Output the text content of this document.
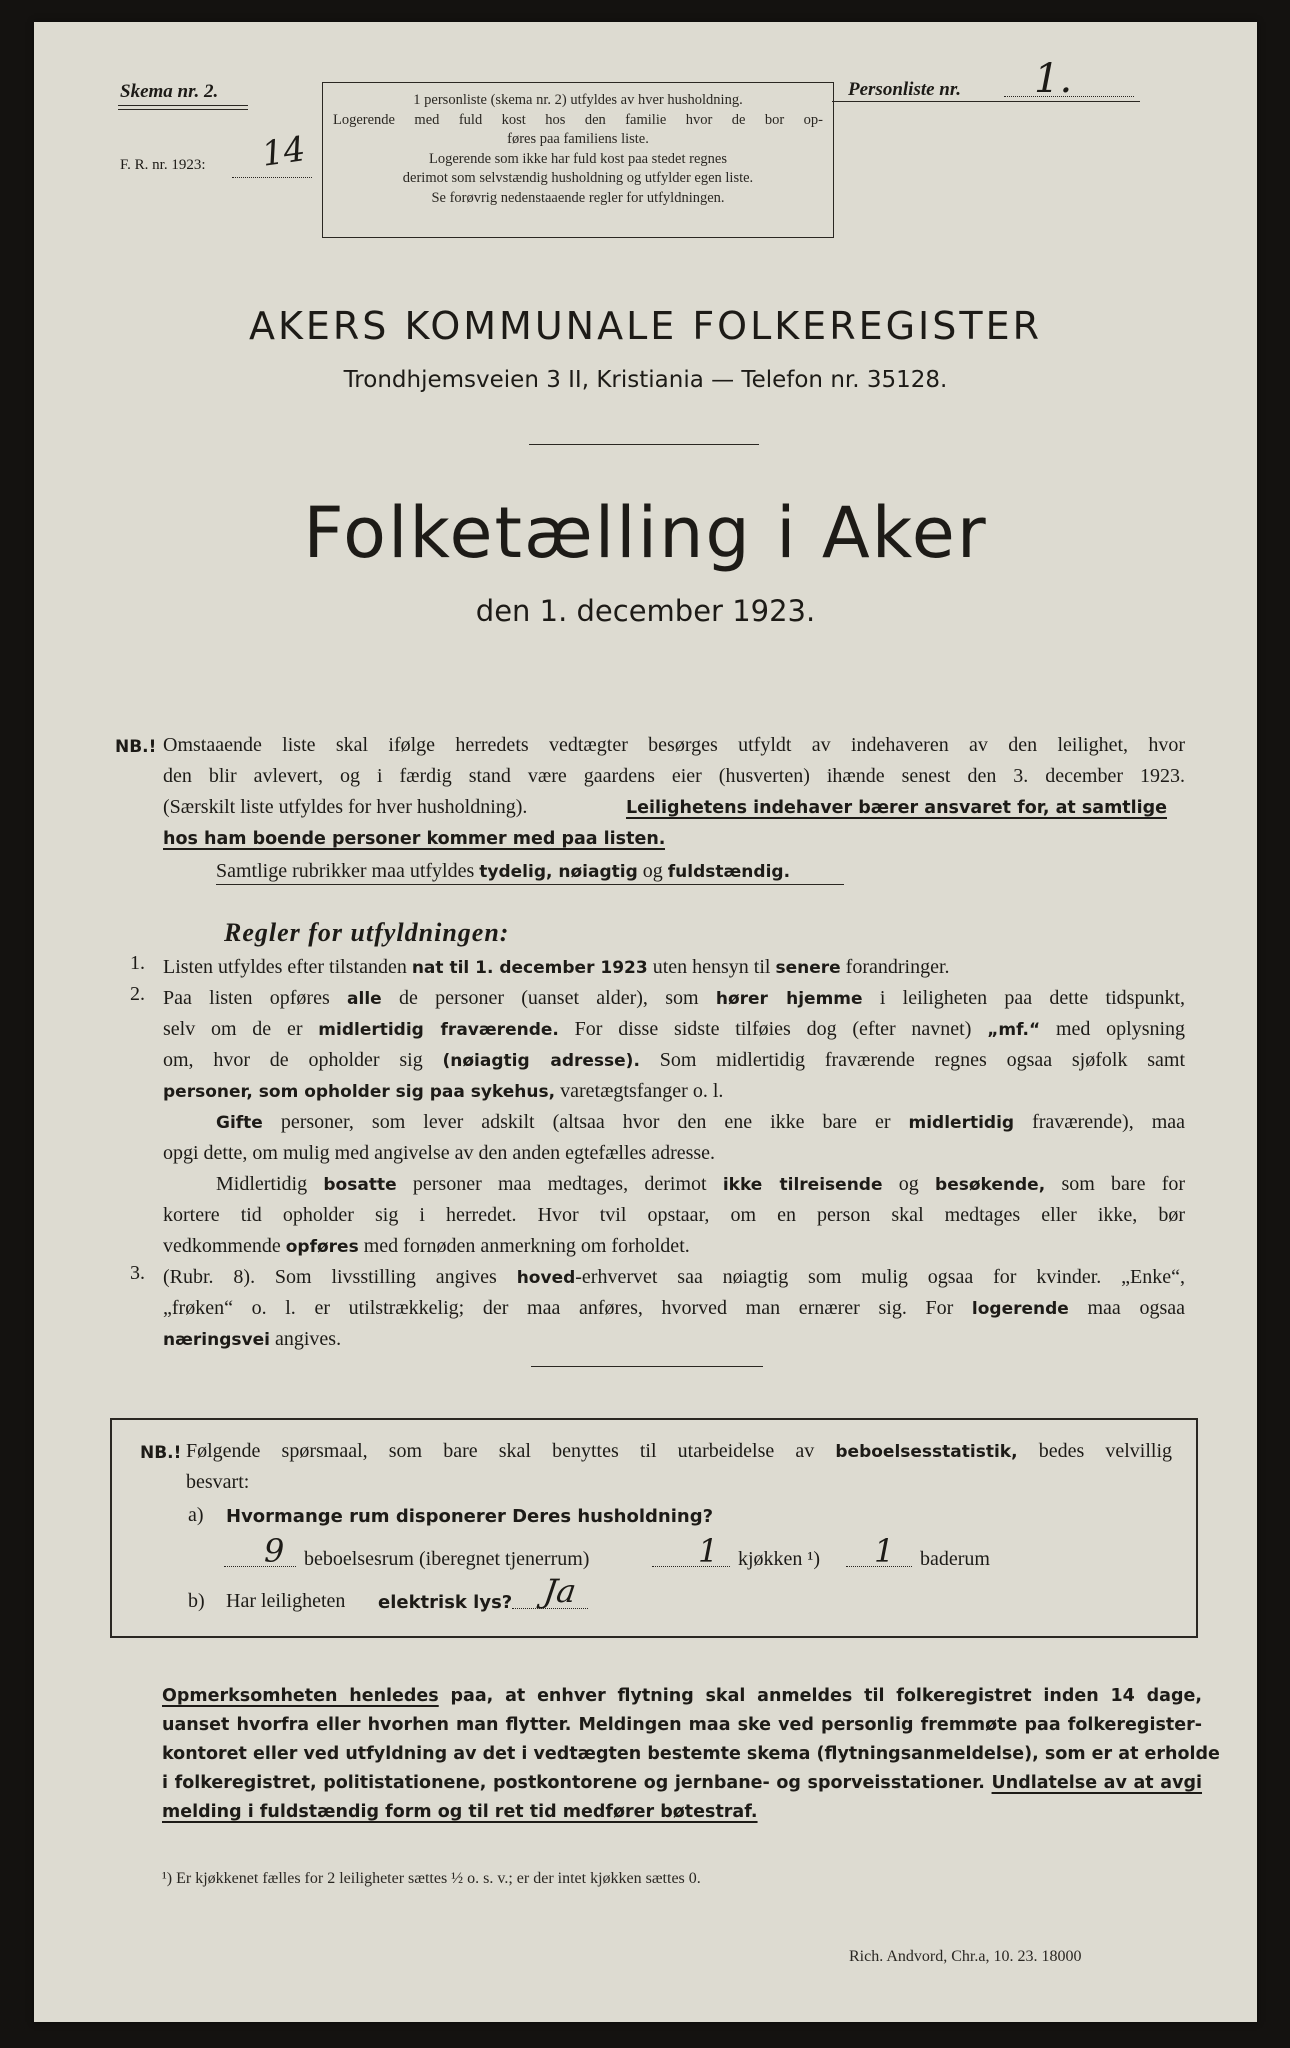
Skema nr. 2.
F. R. nr. 1923: 14
1 personliste (skema nr. 2) utfyldes av hver husholdning.
Logerende med fuld kost hos den familie hvor de bor op-
føres paa familiens liste.
Logerende som ikke har fuld kost paa stedet regnes
derimot som selvstændig husholdning og utfylder egen liste.
Se forøvrig nedenstaaende regler for utfyldningen.
Personliste nr. 1.
AKERS KOMMUNALE FOLKEREGISTER
Trondhjemsveien 3 II, Kristiania — Telefon nr. 35128.
Folketælling i Aker
den 1. december 1923.
NB.! Omstaaende liste skal ifølge herredets vedtægter besørges utfyldt av indehaveren av den leilighet, hvor
den blir avlevert, og i færdig stand være gaardens eier (husverten) ihænde senest den 3. december 1923.
(Særskilt liste utfyldes for hver husholdning).	Leilighetens indehaver bærer ansvaret for, at samtlige
hos ham boende personer kommer med paa listen.
Samtlige rubrikker maa utfyldes tydelig, nøiagtig og fuldstændig.
Regler for utfyldningen:
1. Listen utfyldes efter tilstanden nat til 1. december 1923 uten hensyn til senere forandringer.
2. Paa listen opføres alle de personer (uanset alder), som hører hjemme i leiligheten paa dette tidspunkt,
selv om de er midlertidig fraværende. For disse sidste tilføies dog (efter navnet) „mf.“ med oplysning
om, hvor de opholder sig (nøiagtig adresse). Som midlertidig fraværende regnes ogsaa sjøfolk samt
personer, som opholder sig paa sykehus, varetægtsfanger o. l.
Gifte personer, som lever adskilt (altsaa hvor den ene ikke bare er midlertidig fraværende), maa
opgi dette, om mulig med angivelse av den anden egtefælles adresse.
Midlertidig bosatte personer maa medtages, derimot ikke tilreisende og besøkende, som bare for
kortere tid opholder sig i herredet. Hvor tvil opstaar, om en person skal medtages eller ikke, bør
vedkommende opføres med fornøden anmerkning om forholdet.
3. (Rubr. 8). Som livsstilling angives hoved-erhvervet saa nøiagtig som mulig ogsaa for kvinder. „Enke“,
„frøken“ o. l. er utilstrækkelig; der maa anføres, hvorved man ernærer sig. For logerende maa ogsaa
næringsvei angives.
NB.! Følgende spørsmaal, som bare skal benyttes til utarbeidelse av beboelsesstatistik, bedes velvillig
besvart:
a) Hvormange rum disponerer Deres husholdning?
9 beboelsesrum (iberegnet tjenerrum)	1 kjøkken ¹) 1 baderum
b) Har leiligheten elektrisk lys? Ja
Opmerksomheten henledes paa, at enhver flytning skal anmeldes til folkeregistret inden 14 dage,
uanset hvorfra eller hvorhen man flytter. Meldingen maa ske ved personlig fremmøte paa folkeregister-
kontoret eller ved utfyldning av det i vedtægten bestemte skema (flytningsanmeldelse), som er at erholde
i folkeregistret, politistationene, postkontorene og jernbane- og sporveisstationer. Undlatelse av at avgi
melding i fuldstændig form og til ret tid medfører bøtestraf.
¹) Er kjøkkenet fælles for 2 leiligheter sættes ½ o. s. v.; er der intet kjøkken sættes 0.
Rich. Andvord, Chr.a, 10. 23. 18000
